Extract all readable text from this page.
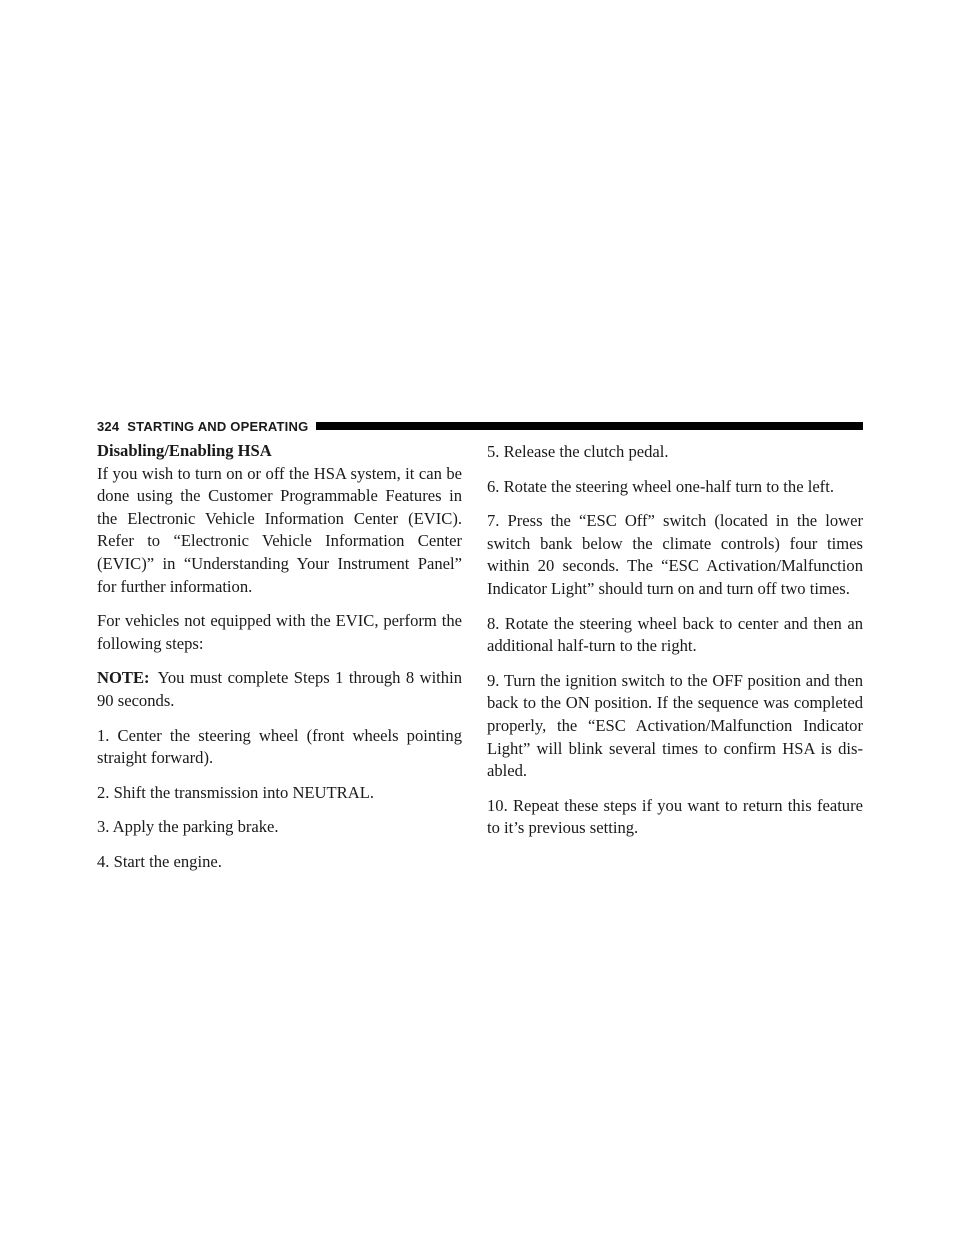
324 STARTING AND OPERATING

Disabling/Enabling HSA

If you wish to turn on or off the HSA system, it can be done using the Customer Programmable Features in the Electronic Vehicle Information Center (EVIC). Refer to “Electronic Vehicle Information Center (EVIC)” in “Understanding Your Instrument Panel” for further information.

For vehicles not equipped with the EVIC, perform the following steps:

NOTE: You must complete Steps 1 through 8 within 90 seconds.

1. Center the steering wheel (front wheels pointing straight forward).

2. Shift the transmission into NEUTRAL.

3. Apply the parking brake.

4. Start the engine.

5. Release the clutch pedal.

6. Rotate the steering wheel one-half turn to the left.

7. Press the “ESC Off” switch (located in the lower switch bank below the climate controls) four times within 20 seconds. The “ESC Activation/Malfunction Indicator Light” should turn on and turn off two times.

8. Rotate the steering wheel back to center and then an additional half-turn to the right.

9. Turn the ignition switch to the OFF position and then back to the ON position. If the sequence was completed properly, the “ESC Activation/Malfunction Indicator Light” will blink several times to confirm HSA is disabled.

10. Repeat these steps if you want to return this feature to it’s previous setting.
